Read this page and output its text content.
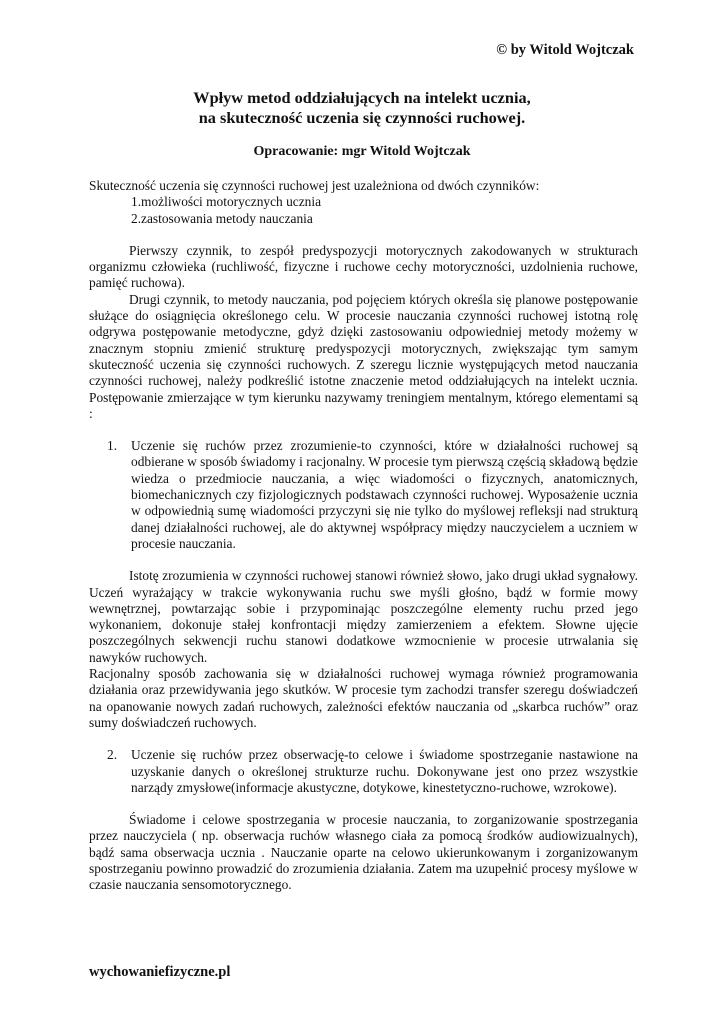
© by Witold Wojtczak
Wpływ metod oddziałujących na intelekt ucznia,
na skuteczność uczenia się czynności ruchowej.
Opracowanie: mgr Witold Wojtczak

Skuteczność uczenia się czynności ruchowej jest uzależniona od dwóch czynników:

1.możliwości motorycznych ucznia

2.zastosowania metody nauczania

Pierwszy czynnik, to zespół predyspozycji motorycznych zakodowanych w strukturach organizmu człowieka (ruchliwość, fizyczne i ruchowe cechy motoryczności, uzdolnienia ruchowe, pamięć ruchowa).

Drugi czynnik, to metody nauczania, pod pojęciem których określa się planowe postępowanie służące do osiągnięcia określonego celu. W procesie nauczania czynności ruchowej istotną rolę odgrywa postępowanie metodyczne, gdyż dzięki zastosowaniu odpowiedniej metody możemy w znacznym stopniu zmienić strukturę predyspozycji motorycznych, zwiększając tym samym skuteczność uczenia się czynności ruchowych. Z szeregu licznie występujących metod nauczania czynności ruchowej, należy podkreślić istotne znaczenie metod oddziałujących na intelekt ucznia. Postępowanie zmierzające w tym kierunku nazywamy treningiem mentalnym, którego elementami są :

1. Uczenie się ruchów przez zrozumienie-to czynności, które w działalności ruchowej są odbierane w sposób świadomy i racjonalny. W procesie tym pierwszą częścią składową będzie wiedza o przedmiocie nauczania, a więc wiadomości o fizycznych, anatomicznych, biomechanicznych czy fizjologicznych podstawach czynności ruchowej. Wyposażenie ucznia w odpowiednią sumę wiadomości przyczyni się nie tylko do myślowej refleksji nad strukturą danej działalności ruchowej, ale do aktywnej współpracy między nauczycielem a uczniem w procesie nauczania.

Istotę zrozumienia w czynności ruchowej stanowi również słowo, jako drugi układ sygnałowy. Uczeń wyrażający w trakcie wykonywania ruchu swe myśli głośno, bądź w formie mowy wewnętrznej, powtarzając sobie i przypominając poszczególne elementy ruchu przed jego wykonaniem, dokonuje stałej konfrontacji między zamierzeniem a efektem. Słowne ujęcie poszczególnych sekwencji ruchu stanowi dodatkowe wzmocnienie w procesie utrwalania się nawyków ruchowych.

Racjonalny sposób zachowania się w działalności ruchowej wymaga również programowania działania oraz przewidywania jego skutków. W procesie tym zachodzi transfer szeregu doświadczeń na opanowanie nowych zadań ruchowych, zależności efektów nauczania od „skarbca ruchów” oraz sumy doświadczeń ruchowych.

2. Uczenie się ruchów przez obserwację-to celowe i świadome spostrzeganie nastawione na uzyskanie danych o określonej strukturze ruchu. Dokonywane jest ono przez wszystkie narządy zmysłowe(informacje akustyczne, dotykowe, kinestetyczno-ruchowe, wzrokowe).

Świadome i celowe spostrzegania w procesie nauczania, to zorganizowanie spostrzegania przez nauczyciela ( np. obserwacja ruchów własnego ciała za pomocą środków audiowizualnych), bądź sama obserwacja ucznia . Nauczanie oparte na celowo ukierunkowanym i zorganizowanym spostrzeganiu powinno prowadzić do zrozumienia działania. Zatem ma uzupełnić procesy myślowe w czasie nauczania sensomotorycznego.

wychowaniefizyczne.pl
